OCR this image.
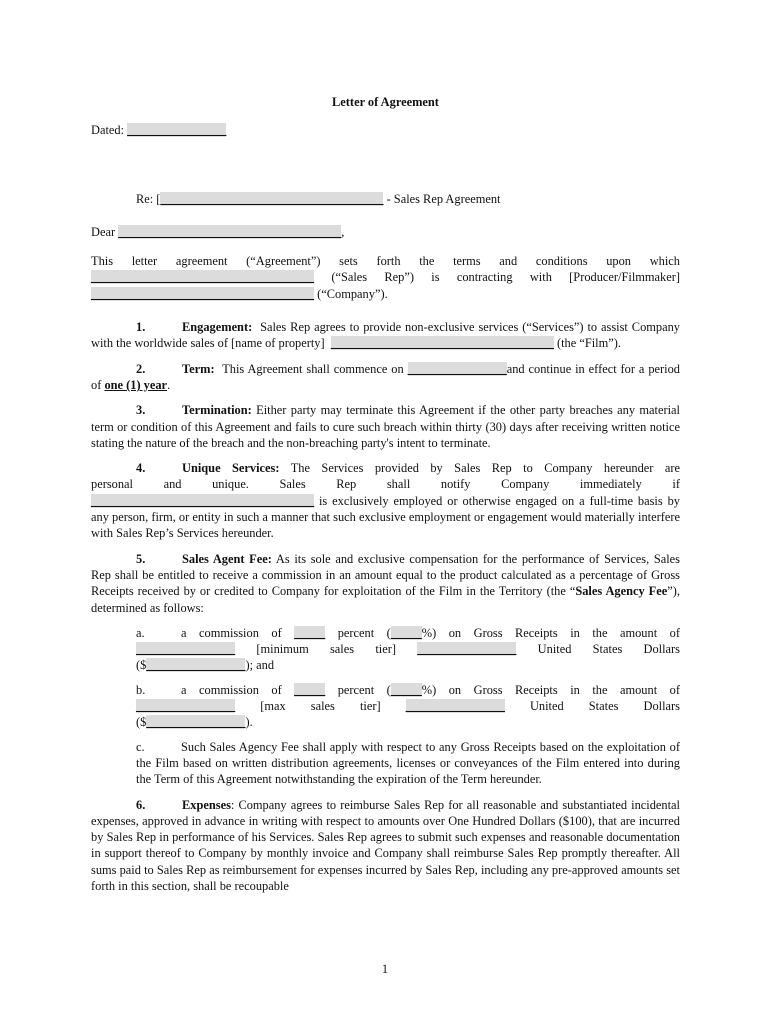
Letter of Agreement

Dated: ________________

Re: [____________________________________ - Sales Rep Agreement

Dear ____________________________________,

This letter agreement (“Agreement”) sets forth the terms and conditions upon which
____________________________________ (“Sales Rep”) is contracting with [Producer/Filmmaker]
____________________________________ (“Company”).

1.	Engagement: Sales Rep agrees to provide non-exclusive services (“Services”) to assist Company with the worldwide sales of [name of property] ____________________________________ (the “Film”).

2.	Term: This Agreement shall commence on ________________and continue in effect for a period of one (1) year.

3.	Termination: Either party may terminate this Agreement if the other party breaches any material term or condition of this Agreement and fails to cure such breach within thirty (30) days after receiving written notice stating the nature of the breach and the non-breaching party's intent to terminate.

4.	Unique Services: The Services provided by Sales Rep to Company hereunder are
personal and unique. Sales Rep shall notify Company immediately if

____________________________________ is exclusively employed or otherwise engaged on a full-time basis by any person, firm, or entity in such a manner that such exclusive employment or engagement would materially interfere with Sales Rep’s Services hereunder.

5.	Sales Agent Fee: As its sole and exclusive compensation for the performance of Services, Sales Rep shall be entitled to receive a commission in an amount equal to the product calculated as a percentage of Gross Receipts received by or credited to Company for exploitation of the Film in the Territory (the “Sales Agency Fee”), determined as follows:

a.	a commission of _____ percent (_____%) on Gross Receipts in the amount of
________________ [minimum sales tier] ________________ United States Dollars
($________________); and
b.	a commission of _____ percent (_____%) on Gross Receipts in the amount of
________________ [max sales tier] ________________ United States Dollars
($________________).

c.	Such Sales Agency Fee shall apply with respect to any Gross Receipts based on the exploitation of the Film based on written distribution agreements, licenses or conveyances of the Film entered into during the Term of this Agreement notwithstanding the expiration of the Term hereunder.

6.	Expenses: Company agrees to reimburse Sales Rep for all reasonable and substantiated incidental expenses, approved in advance in writing with respect to amounts over One Hundred Dollars ($100), that are incurred by Sales Rep in performance of his Services. Sales Rep agrees to submit such expenses and reasonable documentation in support thereof to Company by monthly invoice and Company shall reimburse Sales Rep promptly thereafter. All sums paid to Sales Rep as reimbursement for expenses incurred by Sales Rep, including any pre-approved amounts set forth in this section, shall be recoupable

1
